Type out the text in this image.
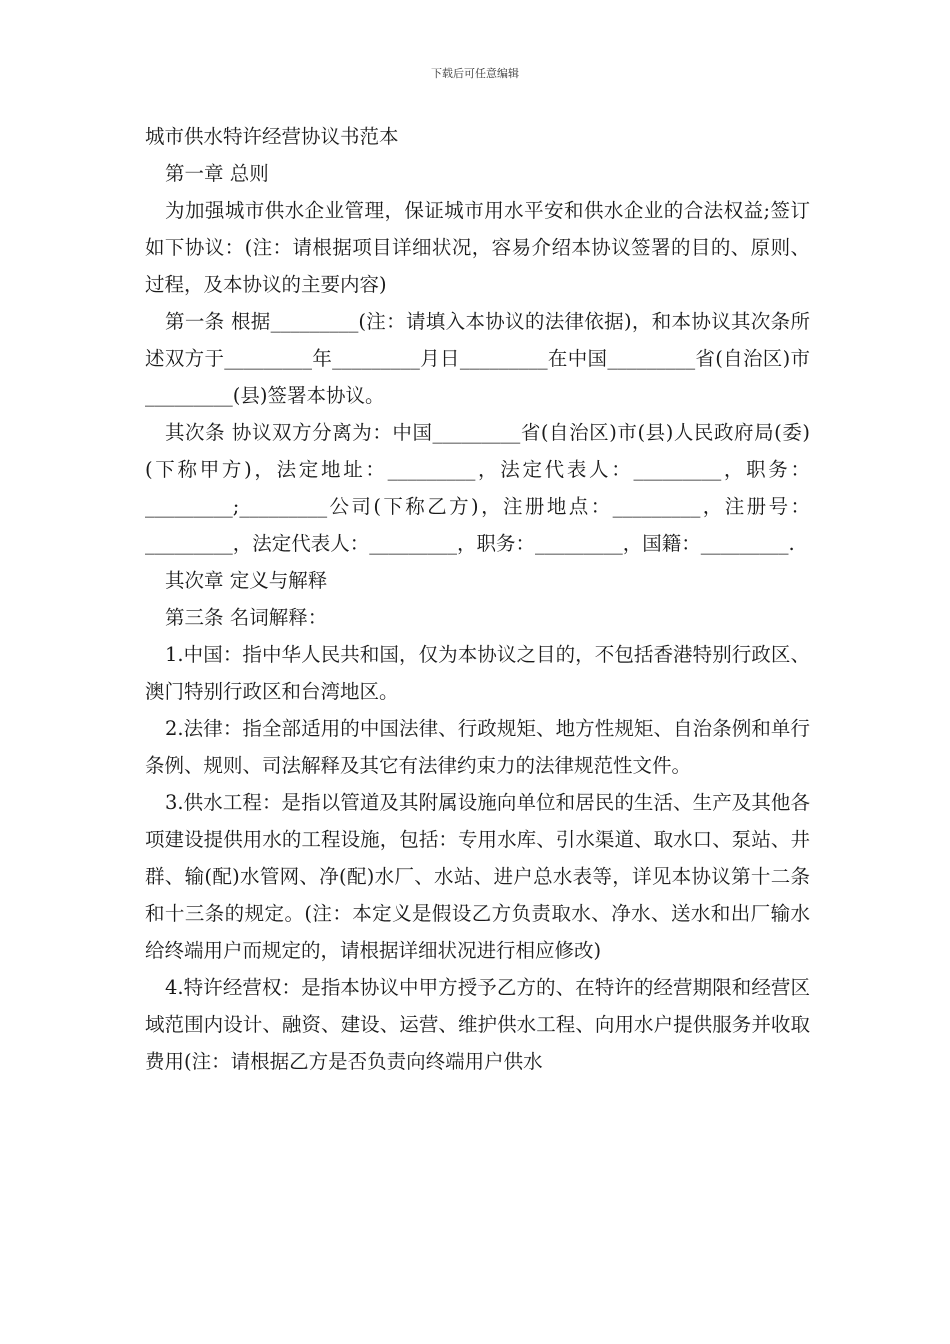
下载后可任意编辑

城市供水特许经营协议书范本

第一章 总则

为加强城市供水企业管理，保证城市用水平安和供水企业的合法权益;签订如下协议：(注：请根据项目详细状况，容易介绍本协议签署的目的、原则、过程，及本协议的主要内容)

第一条 根据_________(注：请填入本协议的法律依据)，和本协议其次条所述双方于_________年_________月日_________在中国_________省(自治区)市_________(县)签署本协议。

其次条 协议双方分离为：中国_________省(自治区)市(县)人民政府局(委)(下称甲方)，法定地址：_________，法定代表人：_________，职务：_________;_________公司(下称乙方)，注册地点：_________，注册号：_________，法定代表人：_________，职务：_________，国籍：_________.

其次章 定义与解释

第三条 名词解释：

1.中国：指中华人民共和国，仅为本协议之目的，不包括香港特别行政区、澳门特别行政区和台湾地区。

2.法律：指全部适用的中国法律、行政规矩、地方性规矩、自治条例和单行条例、规则、司法解释及其它有法律约束力的法律规范性文件。

3.供水工程：是指以管道及其附属设施向单位和居民的生活、生产及其他各项建设提供用水的工程设施，包括：专用水库、引水渠道、取水口、泵站、井群、输(配)水管网、净(配)水厂、水站、进户总水表等，详见本协议第十二条和十三条的规定。(注：本定义是假设乙方负责取水、净水、送水和出厂输水给终端用户而规定的，请根据详细状况进行相应修改)

4.特许经营权：是指本协议中甲方授予乙方的、在特许的经营期限和经营区域范围内设计、融资、建设、运营、维护供水工程、向用水户提供服务并收取费用(注：请根据乙方是否负责向终端用户供水
